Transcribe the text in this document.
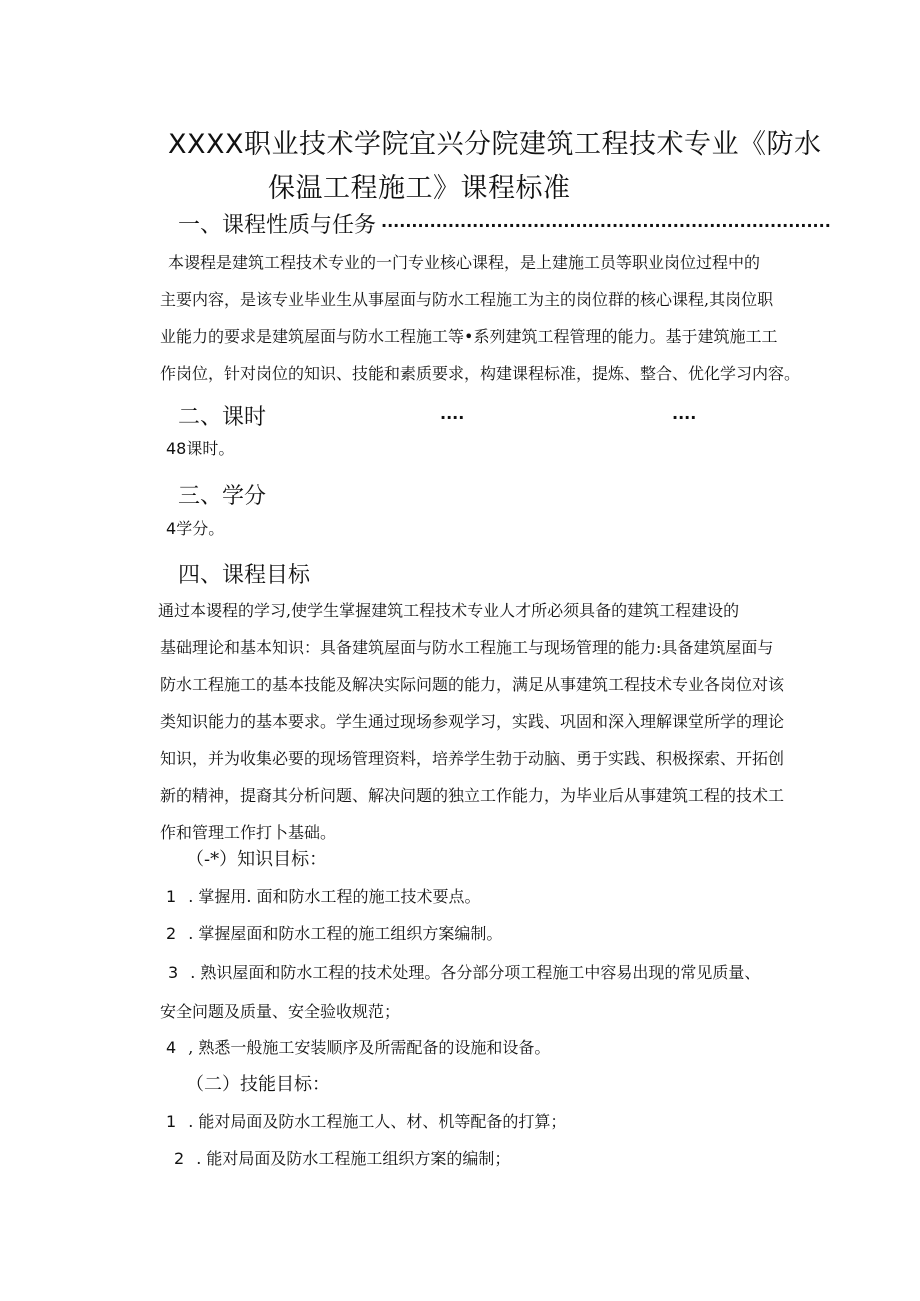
XXXX职业技术学院宜兴分院建筑工程技术专业《防水
保温工程施工》课程标准
一、课程性质与任务 ..........................................................................
本谡程是建筑工程技术专业的一门专业核心课程，是上建施工员等职业岗位过程中的
主要内容，是该专业毕业生从事屋面与防水工程施工为主的岗位群的核心课程,其岗位职
业能力的要求是建筑屋面与防水工程施工等•系列建筑工程管理的能力。基于建筑施工工
作岗位，针对岗位的知识、技能和素质要求，构建课程标准，提炼、整合、优化学习内容。
二、课时	....	....
48课时。
三、学分
4学分。
四、课程目标
通过本谡程的学习,使学生掌握建筑工程技术专业人才所必须具备的建筑工程建设的
基础理论和基本知识：具备建筑屋面与防水工程施工与现场管理的能力:具备建筑屋面与
防水工程施工的基本技能及解决实际问题的能力，满足从事建筑工程技术专业各岗位对该
类知识能力的基本要求。学生通过现场参观学习，实践、巩固和深入理解课堂所学的理论
知识，并为收集必要的现场管理资料，培养学生勃于动脑、勇于实践、积极探索、开拓创
新的精神，提裔其分析问题、解决问题的独立工作能力，为毕业后从事建筑工程的技术工
作和管理工作打卜基础。
（-*）知识目标：
1 . 掌握用. 面和防水工程的施工技术要点。
2 . 掌握屋面和防水工程的施工组织方案编制。
3 . 熟识屋面和防水工程的技术处理。各分部分项工程施工中容易出现的常见质量、
安全问题及质量、安全验收规范；
4 , 熟悉一般施工安装顺序及所需配备的设施和设备。
（二）技能目标：
1 . 能对局面及防水工程施工人、材、机等配备的打算；
2 . 能对局面及防水工程施工组织方案的编制；
